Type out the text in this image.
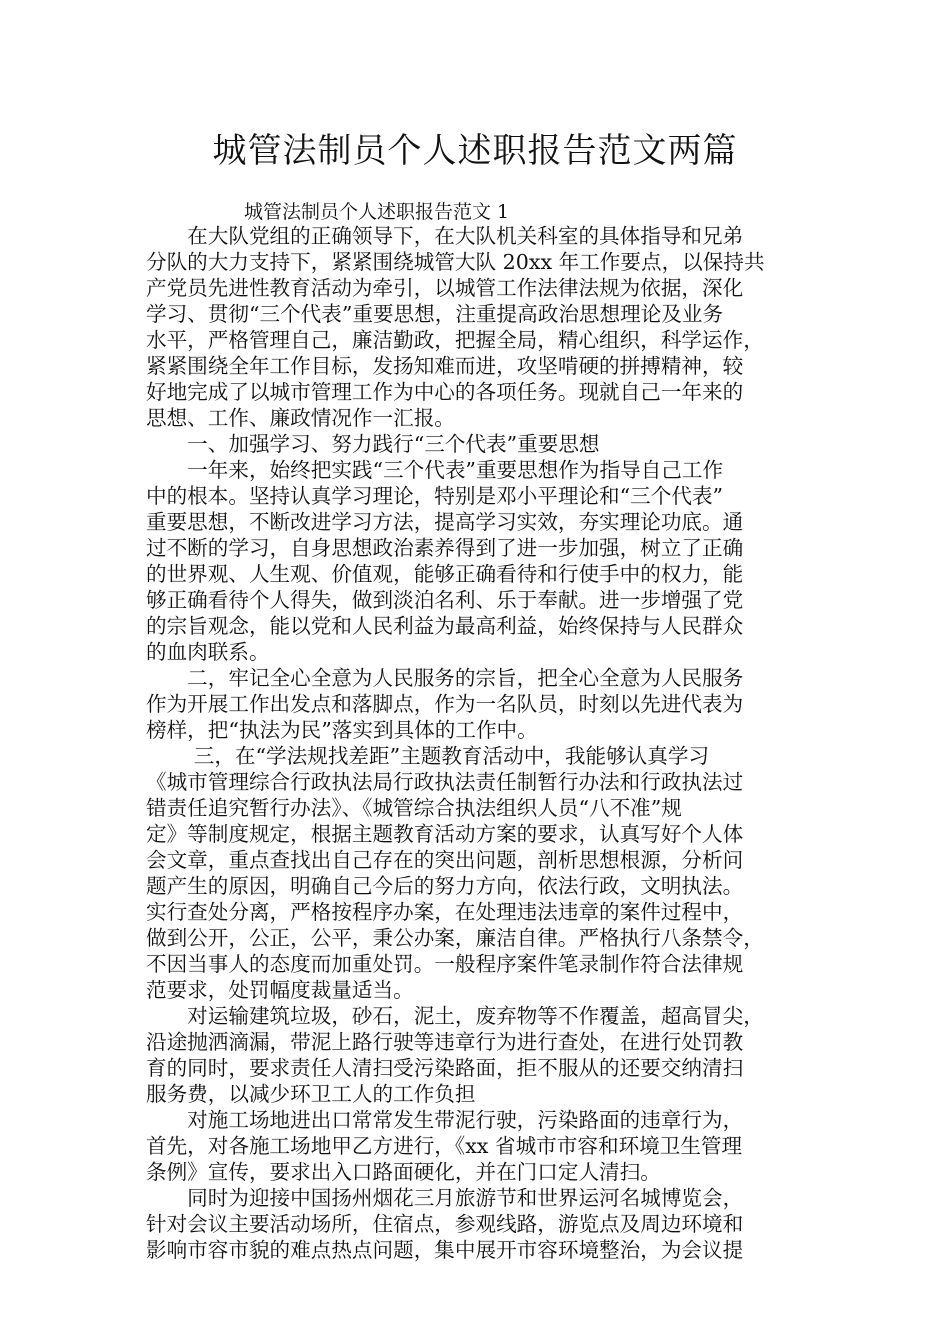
城管法制员个人述职报告范文两篇

城管法制员个人述职报告范文 1

　　在大队党组的正确领导下，在大队机关科室的具体指导和兄弟

分队的大力支持下，紧紧围绕城管大队 20xx 年工作要点，以保持共

产党员先进性教育活动为牵引，以城管工作法律法规为依据，深化

学习、贯彻“三个代表”重要思想，注重提高政治思想理论及业务

水平，严格管理自己，廉洁勤政，把握全局，精心组织，科学运作，

紧紧围绕全年工作目标，发扬知难而进，攻坚啃硬的拼搏精神，较

好地完成了以城市管理工作为中心的各项任务。现就自己一年来的

思想、工作、廉政情况作一汇报。

　　一、加强学习、努力践行“三个代表”重要思想

　　一年来，始终把实践“三个代表”重要思想作为指导自己工作

中的根本。坚持认真学习理论，特别是邓小平理论和“三个代表”

重要思想，不断改进学习方法，提高学习实效，夯实理论功底。通

过不断的学习，自身思想政治素养得到了进一步加强，树立了正确

的世界观、人生观、价值观，能够正确看待和行使手中的权力，能

够正确看待个人得失，做到淡泊名利、乐于奉献。进一步增强了党

的宗旨观念，能以党和人民利益为最高利益，始终保持与人民群众

的血肉联系。

　　二，牢记全心全意为人民服务的宗旨，把全心全意为人民服务

作为开展工作出发点和落脚点，作为一名队员，时刻以先进代表为

榜样，把“执法为民”落实到具体的工作中。

　　 三，在“学法规找差距”主题教育活动中，我能够认真学习

《城市管理综合行政执法局行政执法责任制暂行办法和行政执法过

错责任追究暂行办法》、《城管综合执法组织人员“八不准”规

定》等制度规定，根据主题教育活动方案的要求，认真写好个人体

会文章，重点查找出自己存在的突出问题，剖析思想根源，分析问

题产生的原因，明确自己今后的努力方向，依法行政，文明执法。

实行查处分离，严格按程序办案，在处理违法违章的案件过程中，

做到公开，公正，公平，秉公办案，廉洁自律。严格执行八条禁令，

不因当事人的态度而加重处罚。一般程序案件笔录制作符合法律规

范要求，处罚幅度裁量适当。

　　对运输建筑垃圾，砂石，泥土，废弃物等不作覆盖，超高冒尖，

沿途抛洒滴漏，带泥上路行驶等违章行为进行查处，在进行处罚教

育的同时，要求责任人清扫受污染路面，拒不服从的还要交纳清扫

服务费，以减少环卫工人的工作负担

　　对施工场地进出口常常发生带泥行驶，污染路面的违章行为，

首先，对各施工场地甲乙方进行，《xx 省城市市容和环境卫生管理

条例》宣传，要求出入口路面硬化，并在门口定人清扫。

　　同时为迎接中国扬州烟花三月旅游节和世界运河名城博览会，

针对会议主要活动场所，住宿点，参观线路，游览点及周边环境和

影响市容市貌的难点热点问题，集中展开市容环境整治，为会议提
